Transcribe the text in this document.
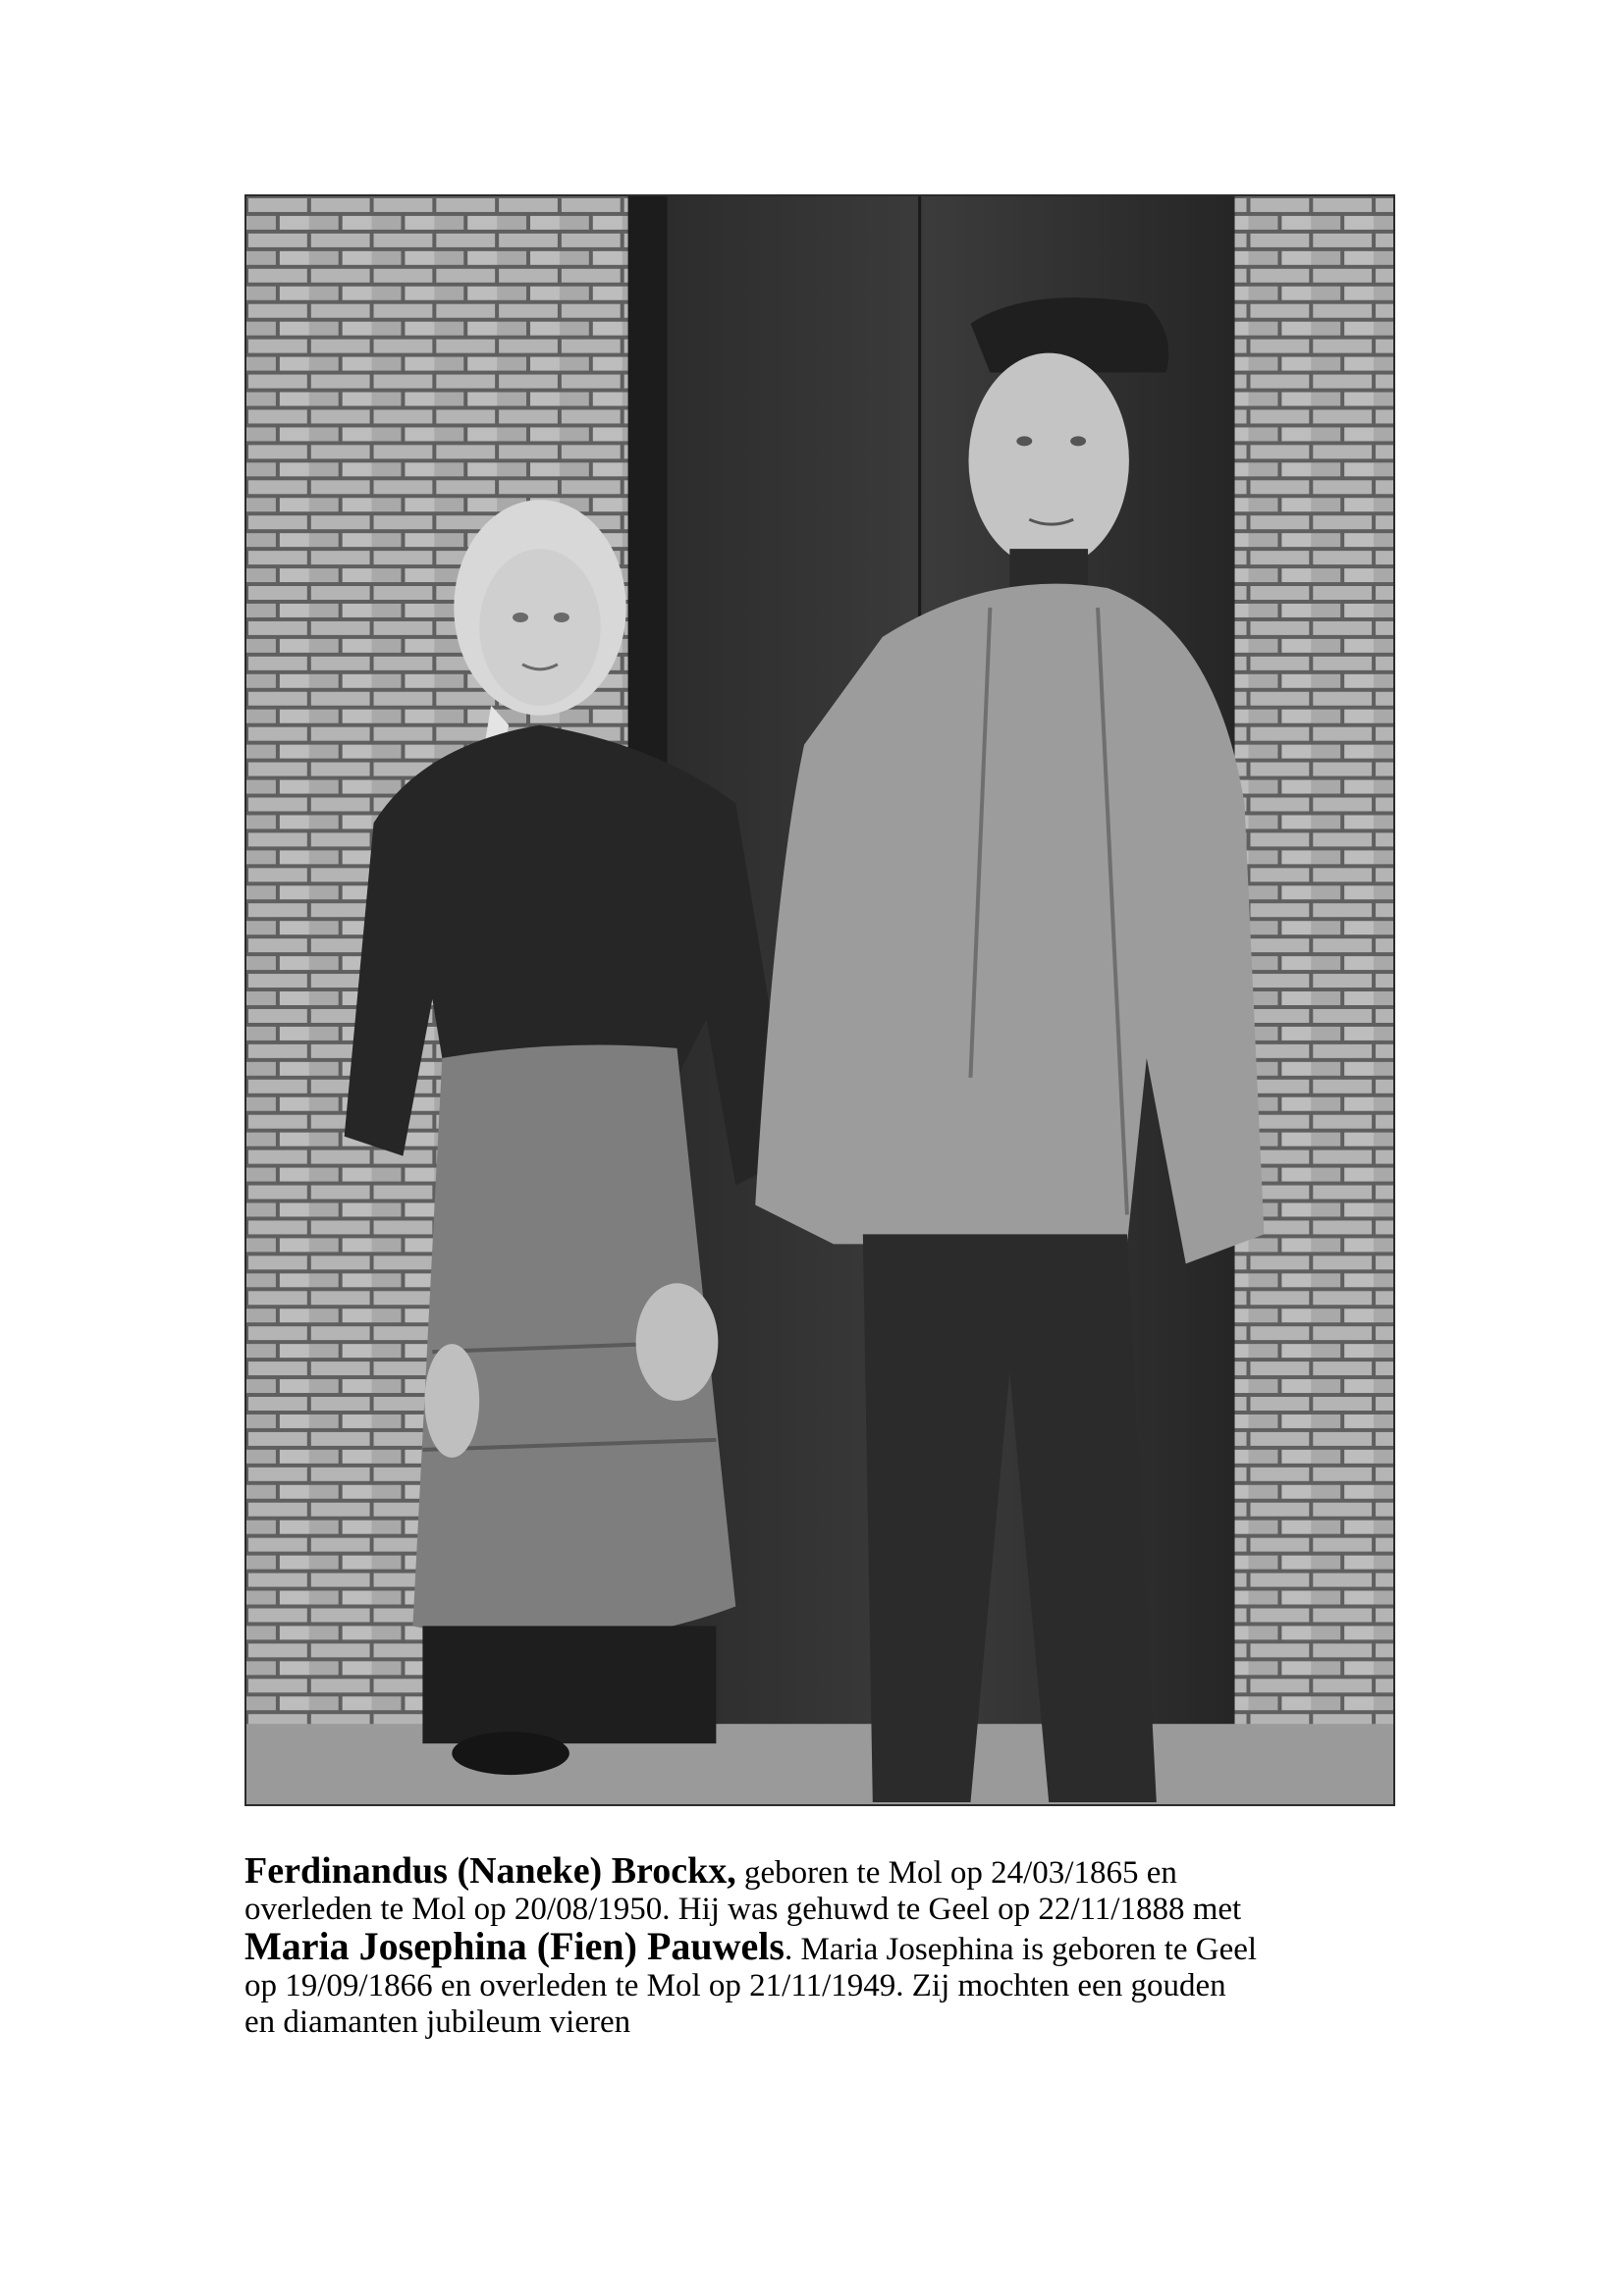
Ferdinandus (Naneke) Brockx, geboren te Mol op 24/03/1865 en
overleden te Mol op 20/08/1950. Hij was gehuwd te Geel op 22/11/1888 met
Maria Josephina (Fien) Pauwels. Maria Josephina is geboren te Geel
op 19/09/1866 en overleden te Mol op 21/11/1949. Zij mochten een gouden
en diamanten jubileum vieren
